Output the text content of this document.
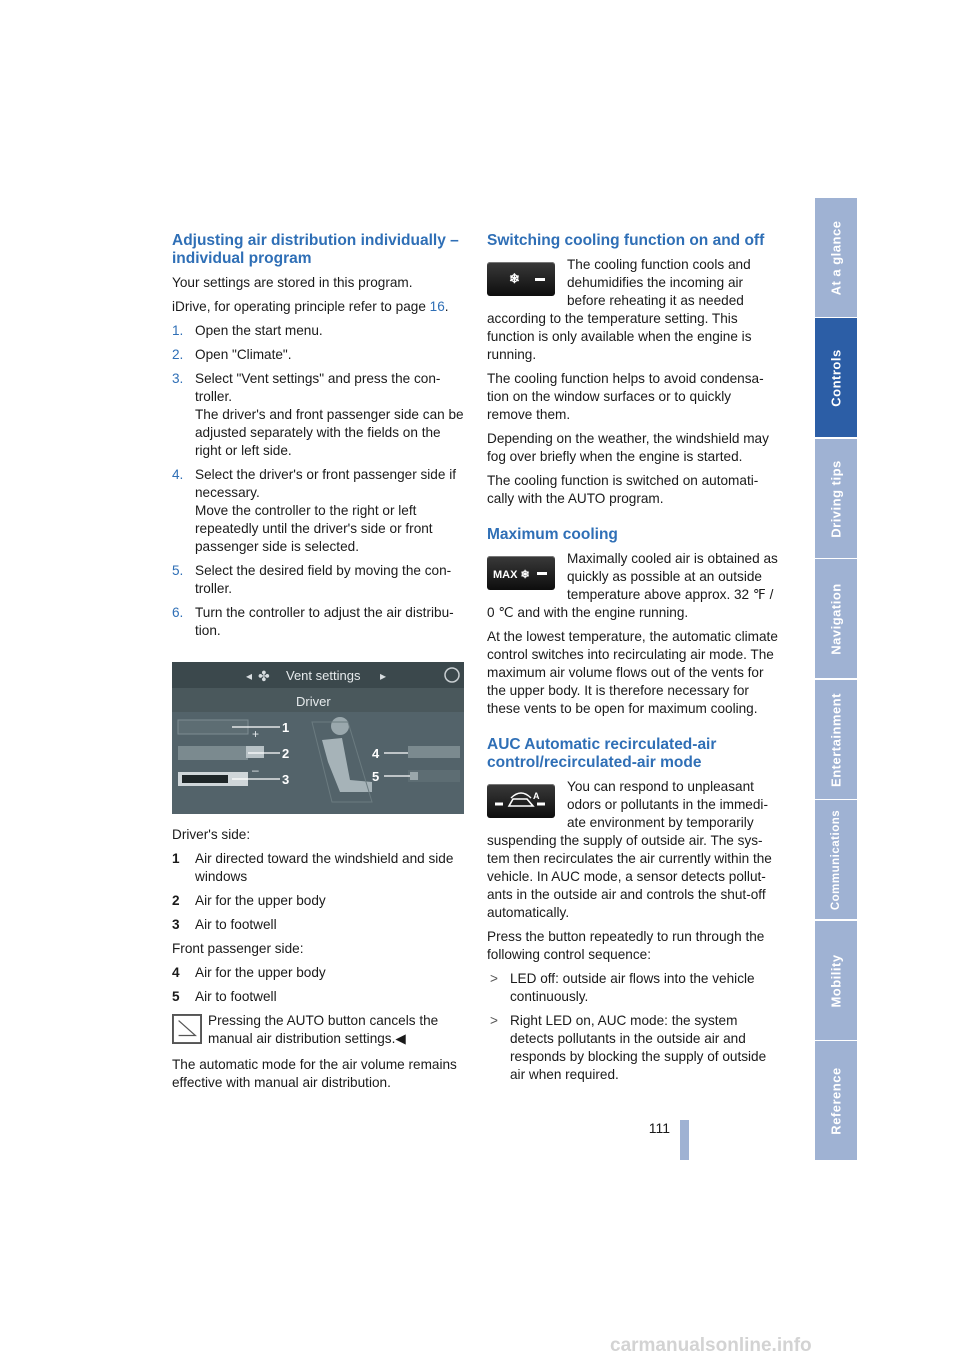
Adjusting air distribution individually – individual program

Your settings are stored in this program.

iDrive, for operating principle refer to page 16.

1. Open the start menu.
2. Open "Climate".
3. Select "Vent settings" and press the controller.
The driver's and front passenger side can be adjusted separately with the fields on the right or left side.
4. Select the driver's or front passenger side if necessary.
Move the controller to the right or left repeatedly until the driver's side or front passenger side is selected.
5. Select the desired field by moving the controller.
6. Turn the controller to adjust the air distribution.
◂ ✤ Vent settings ▸
Driver
+
–
1
2
3
4
5

Driver's side:

1 Air directed toward the windshield and side windows
2 Air for the upper body
3 Air to footwell

Front passenger side:

4 Air for the upper body
5 Air to footwell
Pressing the AUTO button cancels the manual air distribution settings.◀

The automatic mode for the air volume remains effective with manual air distribution.

Switching cooling function on and off
❄

The cooling function cools and dehumidifies the incoming air before reheating it as needed according to the temperature setting. This function is only available when the engine is running.

The cooling function helps to avoid condensation on the window surfaces or to quickly remove them.

Depending on the weather, the windshield may fog over briefly when the engine is started.

The cooling function is switched on automatically with the AUTO program.

Maximum cooling
MAX ❄

Maximally cooled air is obtained as quickly as possible at an outside temperature above approx. 32 ℉ / 0 ℃ and with the engine running.

At the lowest temperature, the automatic climate control switches into recirculating air mode. The maximum air volume flows out of the vents for the upper body. It is therefore necessary for these vents to be open for maximum cooling.

AUC Automatic recirculated-air control/recirculated-air mode
A

You can respond to unpleasant odors or pollutants in the immediate environment by temporarily suspending the supply of outside air. The system then recirculates the air currently within the vehicle. In AUC mode, a sensor detects pollutants in the outside air and controls the shut-off automatically.

Press the button repeatedly to run through the following control sequence:

> LED off: outside air flows into the vehicle continuously.
> Right LED on, AUC mode: the system detects pollutants in the outside air and responds by blocking the supply of outside air when required.
At a glance
Controls
Driving tips
Navigation
Entertainment
Communications
Mobility
Reference
111
carmanualsonline.info
